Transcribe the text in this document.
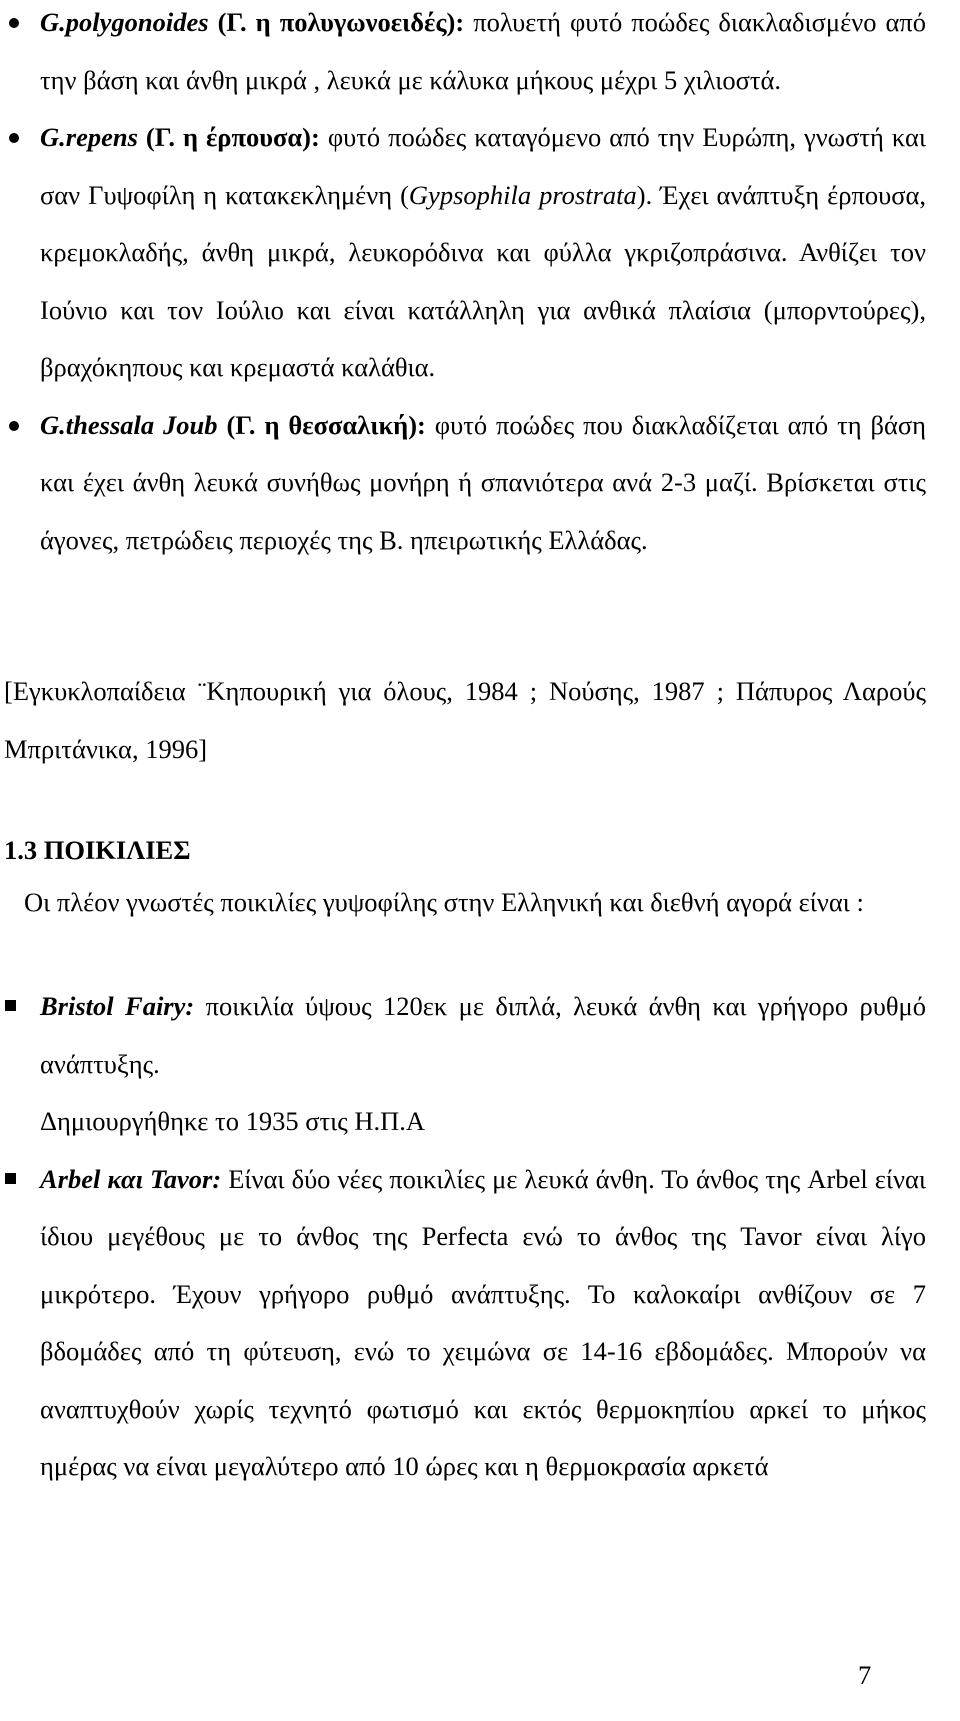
G.polygonoides (Γ. η πολυγωνοειδές): πολυετή φυτό ποώδες διακλαδισμένο από την βάση και άνθη μικρά , λευκά με κάλυκα μήκους μέχρι 5 χιλιοστά.

G.repens (Γ. η έρπουσα): φυτό ποώδες καταγόμενο από την Ευρώπη, γνωστή και σαν Γυψοφίλη η κατακεκλημένη (Gypsophila prostrata). Έχει ανάπτυξη έρπουσα, κρεμοκλαδής, άνθη μικρά, λευκορόδινα και φύλλα γκριζοπράσινα. Ανθίζει τον Ιούνιο και τον Ιούλιο και είναι κατάλληλη για ανθικά πλαίσια (μπορντούρες), βραχόκηπους και κρεμαστά καλάθια.

G.thessala Joub (Γ. η θεσσαλική): φυτό ποώδες που διακλαδίζεται από τη βάση και έχει άνθη λευκά συνήθως μονήρη ή σπανιότερα ανά 2-3 μαζί. Βρίσκεται στις άγονες, πετρώδεις περιοχές της Β. ηπειρωτικής Ελλάδας.

[Εγκυκλοπαίδεια ¨Κηπουρική για όλους, 1984 ; Νούσης, 1987 ; Πάπυρος Λαρούς Μπριτάνικα, 1996]

1.3 ΠΟΙΚΙΛΙΕΣ

Οι πλέον γνωστές ποικιλίες γυψοφίλης στην Ελληνική και διεθνή αγορά είναι :

Bristol Fairy: ποικιλία ύψους 120εκ με διπλά, λευκά άνθη και γρήγορο ρυθμό ανάπτυξης.

Δημιουργήθηκε το 1935 στις Η.Π.Α

Arbel και Tavor: Είναι δύο νέες ποικιλίες με λευκά άνθη. Το άνθος της Arbel είναι ίδιου μεγέθους με το άνθος της Perfecta ενώ το άνθος της Tavor είναι λίγο μικρότερο. Έχουν γρήγορο ρυθμό ανάπτυξης. Το καλοκαίρι ανθίζουν σε 7 βδομάδες από τη φύτευση, ενώ το χειμώνα σε 14-16 εβδομάδες. Μπορούν να αναπτυχθούν χωρίς τεχνητό φωτισμό και εκτός θερμοκηπίου αρκεί το μήκος ημέρας να είναι μεγαλύτερο από 10 ώρες και η θερμοκρασία αρκετά

7
